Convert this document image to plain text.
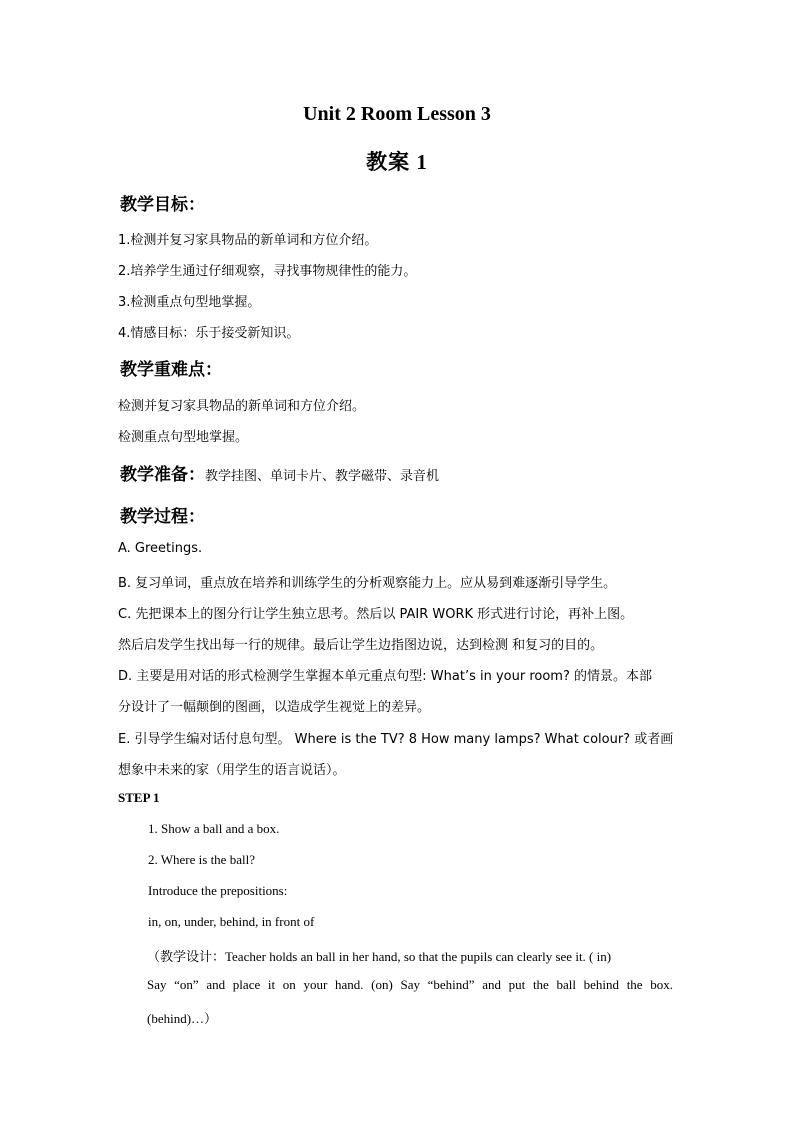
Unit 2 Room Lesson 3
教案 1
教学目标：
1.检测并复习家具物品的新单词和方位介绍。
2.培养学生通过仔细观察，寻找事物规律性的能力。
3.检测重点句型地掌握。
4.情感目标：乐于接受新知识。
教学重难点：
检测并复习家具物品的新单词和方位介绍。
检测重点句型地掌握。
教学准备：教学挂图、单词卡片、教学磁带、录音机
教学过程：
A. Greetings.
B. 复习单词，重点放在培养和训练学生的分析观察能力上。应从易到难逐渐引导学生。
C. 先把课本上的图分行让学生独立思考。然后以 PAIR WORK 形式进行讨论，再补上图。
然后启发学生找出每一行的规律。最后让学生边指图边说，达到检测 和复习的目的。
D. 主要是用对话的形式检测学生掌握本单元重点句型: What’s in your room? 的情景。本部
分设计了一幅颠倒的图画，以造成学生视觉上的差异。
E. 引导学生编对话付息句型。 Where is the TV? 8 How many lamps? What colour? 或者画
想象中未来的家（用学生的语言说话）。
STEP 1
1. Show a ball and a box.
2. Where is the ball?
Introduce the prepositions:
in, on, under, behind, in front of
（教学设计：Teacher holds an ball in her hand, so that the pupils can clearly see it. ( in)
Say “on” and place it on your hand. (on) Say “behind” and put the ball behind the box.
(behind)…）
